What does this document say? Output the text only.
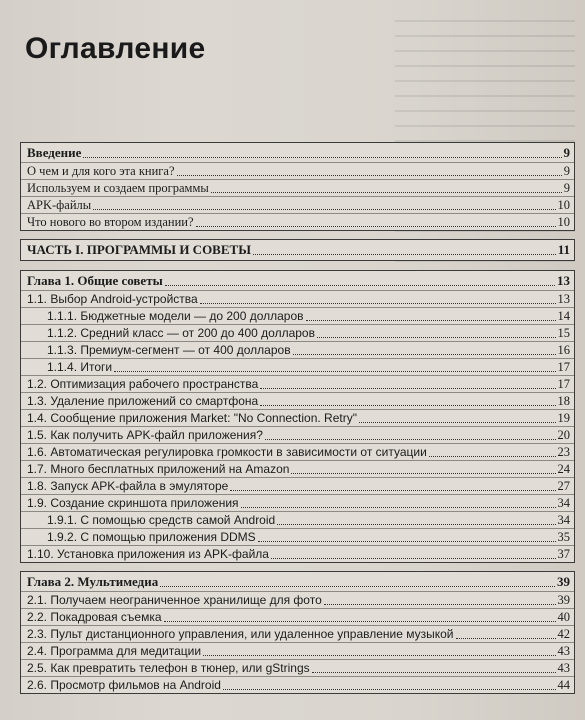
Оглавление
Введение	9
О чем и для кого эта книга?	9
Используем и создаем программы	9
APK-файлы	10
Что нового во втором издании?	10
ЧАСТЬ I. ПРОГРАММЫ И СОВЕТЫ	11
Глава 1. Общие советы	13
1.1. Выбор Android-устройства	13
1.1.1. Бюджетные модели — до 200 долларов	14
1.1.2. Средний класс — от 200 до 400 долларов	15
1.1.3. Премиум-сегмент — от 400 долларов	16
1.1.4. Итоги	17
1.2. Оптимизация рабочего пространства	17
1.3. Удаление приложений со смартфона	18
1.4. Сообщение приложения Market: "No Connection. Retry"	19
1.5. Как получить APK-файл приложения?	20
1.6. Автоматическая регулировка громкости в зависимости от ситуации	23
1.7. Много бесплатных приложений на Amazon	24
1.8. Запуск APK-файла в эмуляторе	27
1.9. Создание скриншота приложения	34
1.9.1. С помощью средств самой Android	34
1.9.2. С помощью приложения DDMS	35
1.10. Установка приложения из APK-файла	37
Глава 2. Мультимедиа	39
2.1. Получаем неограниченное хранилище для фото	39
2.2. Покадровая съемка	40
2.3. Пульт дистанционного управления, или удаленное управление музыкой	42
2.4. Программа для медитации	43
2.5. Как превратить телефон в тюнер, или gStrings	43
2.6. Просмотр фильмов на Android	44
